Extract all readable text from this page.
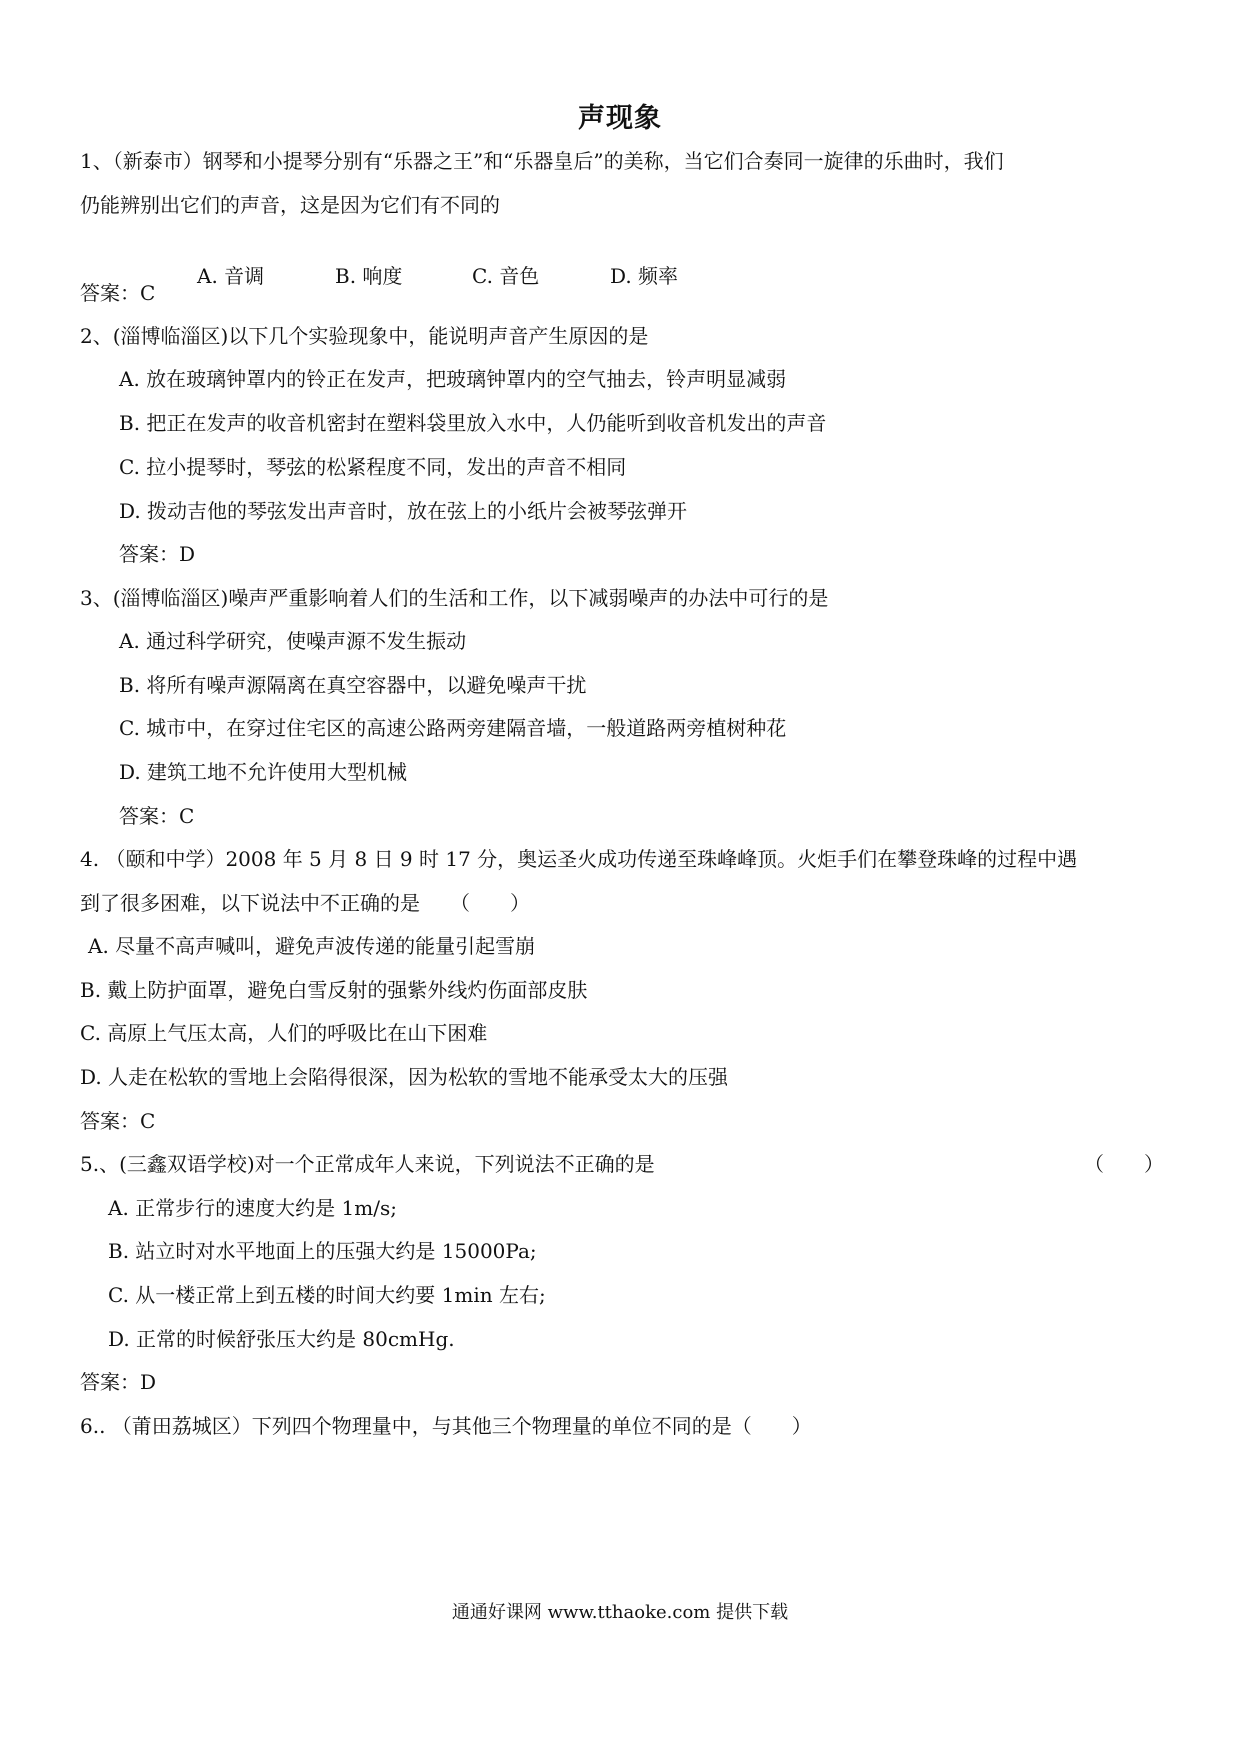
声现象
1、（新泰市）钢琴和小提琴分别有“乐器之王”和“乐器皇后”的美称，当它们合奏同一旋律的乐曲时，我们
仍能辨别出它们的声音，这是因为它们有不同的
A. 音调	B. 响度	C. 音色	D. 频率
答案：C
2、(淄博临淄区)以下几个实验现象中，能说明声音产生原因的是
A. 放在玻璃钟罩内的铃正在发声，把玻璃钟罩内的空气抽去，铃声明显减弱
B. 把正在发声的收音机密封在塑料袋里放入水中，人仍能听到收音机发出的声音
C. 拉小提琴时，琴弦的松紧程度不同，发出的声音不相同
D. 拨动吉他的琴弦发出声音时，放在弦上的小纸片会被琴弦弹开
答案：D
3、(淄博临淄区)噪声严重影响着人们的生活和工作，以下减弱噪声的办法中可行的是
A. 通过科学研究，使噪声源不发生振动
B. 将所有噪声源隔离在真空容器中，以避免噪声干扰
C. 城市中，在穿过住宅区的高速公路两旁建隔音墙，一般道路两旁植树种花
D. 建筑工地不允许使用大型机械
答案：C
4. （颐和中学）2008 年 5 月 8 日 9 时 17 分，奥运圣火成功传递至珠峰峰顶。火炬手们在攀登珠峰的过程中遇
到了很多困难，以下说法中不正确的是　　（　　）
A. 尽量不高声喊叫，避免声波传递的能量引起雪崩
B. 戴上防护面罩，避免白雪反射的强紫外线灼伤面部皮肤
C. 高原上气压太高，人们的呼吸比在山下困难
D. 人走在松软的雪地上会陷得很深，因为松软的雪地不能承受太大的压强
答案：C
5.、(三鑫双语学校)对一个正常成年人来说，下列说法不正确的是	（　　）
A. 正常步行的速度大约是 1m/s;
B. 站立时对水平地面上的压强大约是 15000Pa;
C. 从一楼正常上到五楼的时间大约要 1min 左右;
D. 正常的时候舒张压大约是 80cmHg.
答案：D
6.. （莆田荔城区）下列四个物理量中，与其他三个物理量的单位不同的是（　　）
通通好课网 www.tthaoke.com 提供下载
